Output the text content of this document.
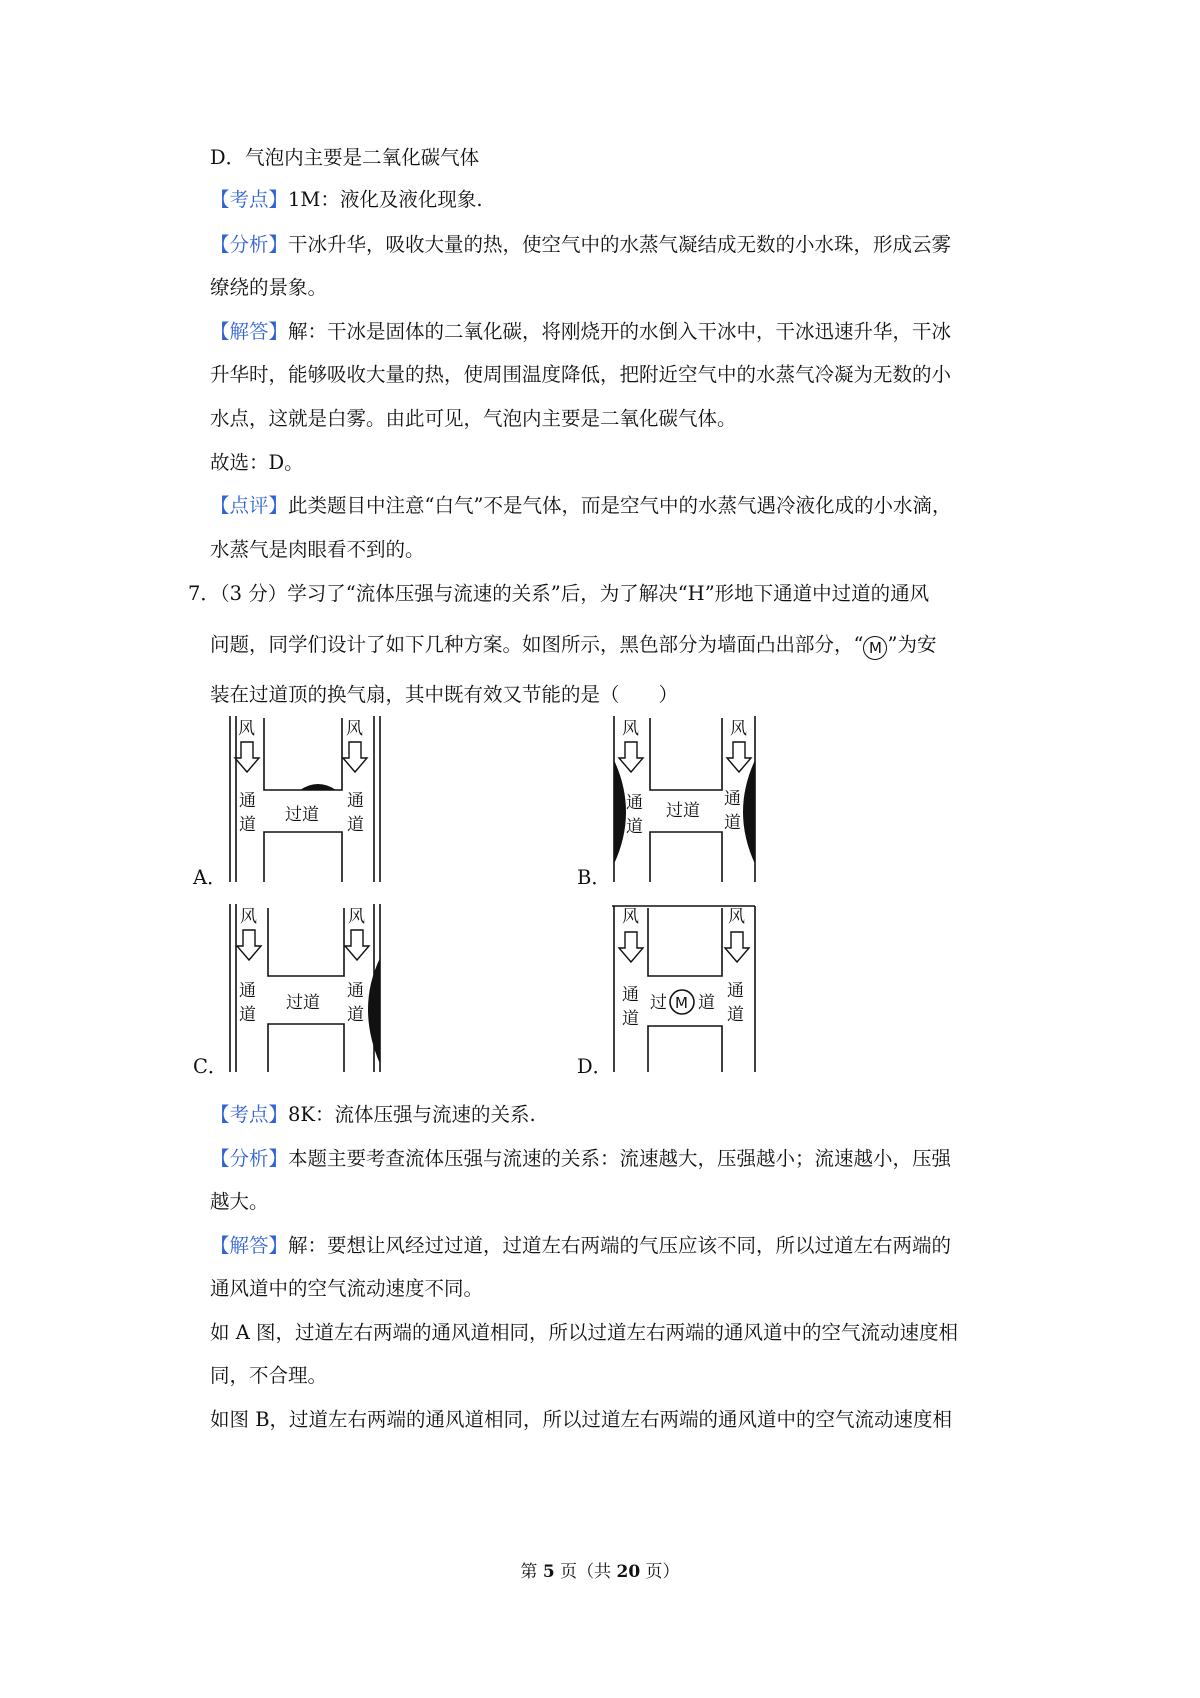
D．气泡内主要是二氧化碳气体
【考点】1M：液化及液化现象.
【分析】干冰升华，吸收大量的热，使空气中的水蒸气凝结成无数的小水珠，形成云雾
缭绕的景象。
【解答】解：干冰是固体的二氧化碳，将刚烧开的水倒入干冰中，干冰迅速升华，干冰
升华时，能够吸收大量的热，使周围温度降低，把附近空气中的水蒸气冷凝为无数的小
水点，这就是白雾。由此可见，气泡内主要是二氧化碳气体。
故选：D。
【点评】此类题目中注意“白气”不是气体，而是空气中的水蒸气遇冷液化成的小水滴，
水蒸气是肉眼看不到的。
7．（3 分）学习了“流体压强与流速的关系”后，为了解决“H”形地下通道中过道的通风
问题，同学们设计了如下几种方案。如图所示，黑色部分为墙面凸出部分，“ M ”为安
装在过道顶的换气扇，其中既有效又节能的是（　　）
A．	B．
C．	D．
风	风
通
道
通
道
过道
风	风
通
道
通
道
过道
风	风
通
道
通
道
过道
风	风
通
道
通
道
过 M 道
【考点】8K：流体压强与流速的关系.
【分析】本题主要考查流体压强与流速的关系：流速越大，压强越小；流速越小，压强
越大。
【解答】解：要想让风经过过道，过道左右两端的气压应该不同，所以过道左右两端的
通风道中的空气流动速度不同。
如 A 图，过道左右两端的通风道相同，所以过道左右两端的通风道中的空气流动速度相
同，不合理。
如图 B，过道左右两端的通风道相同，所以过道左右两端的通风道中的空气流动速度相
第 5 页（共 20 页）
